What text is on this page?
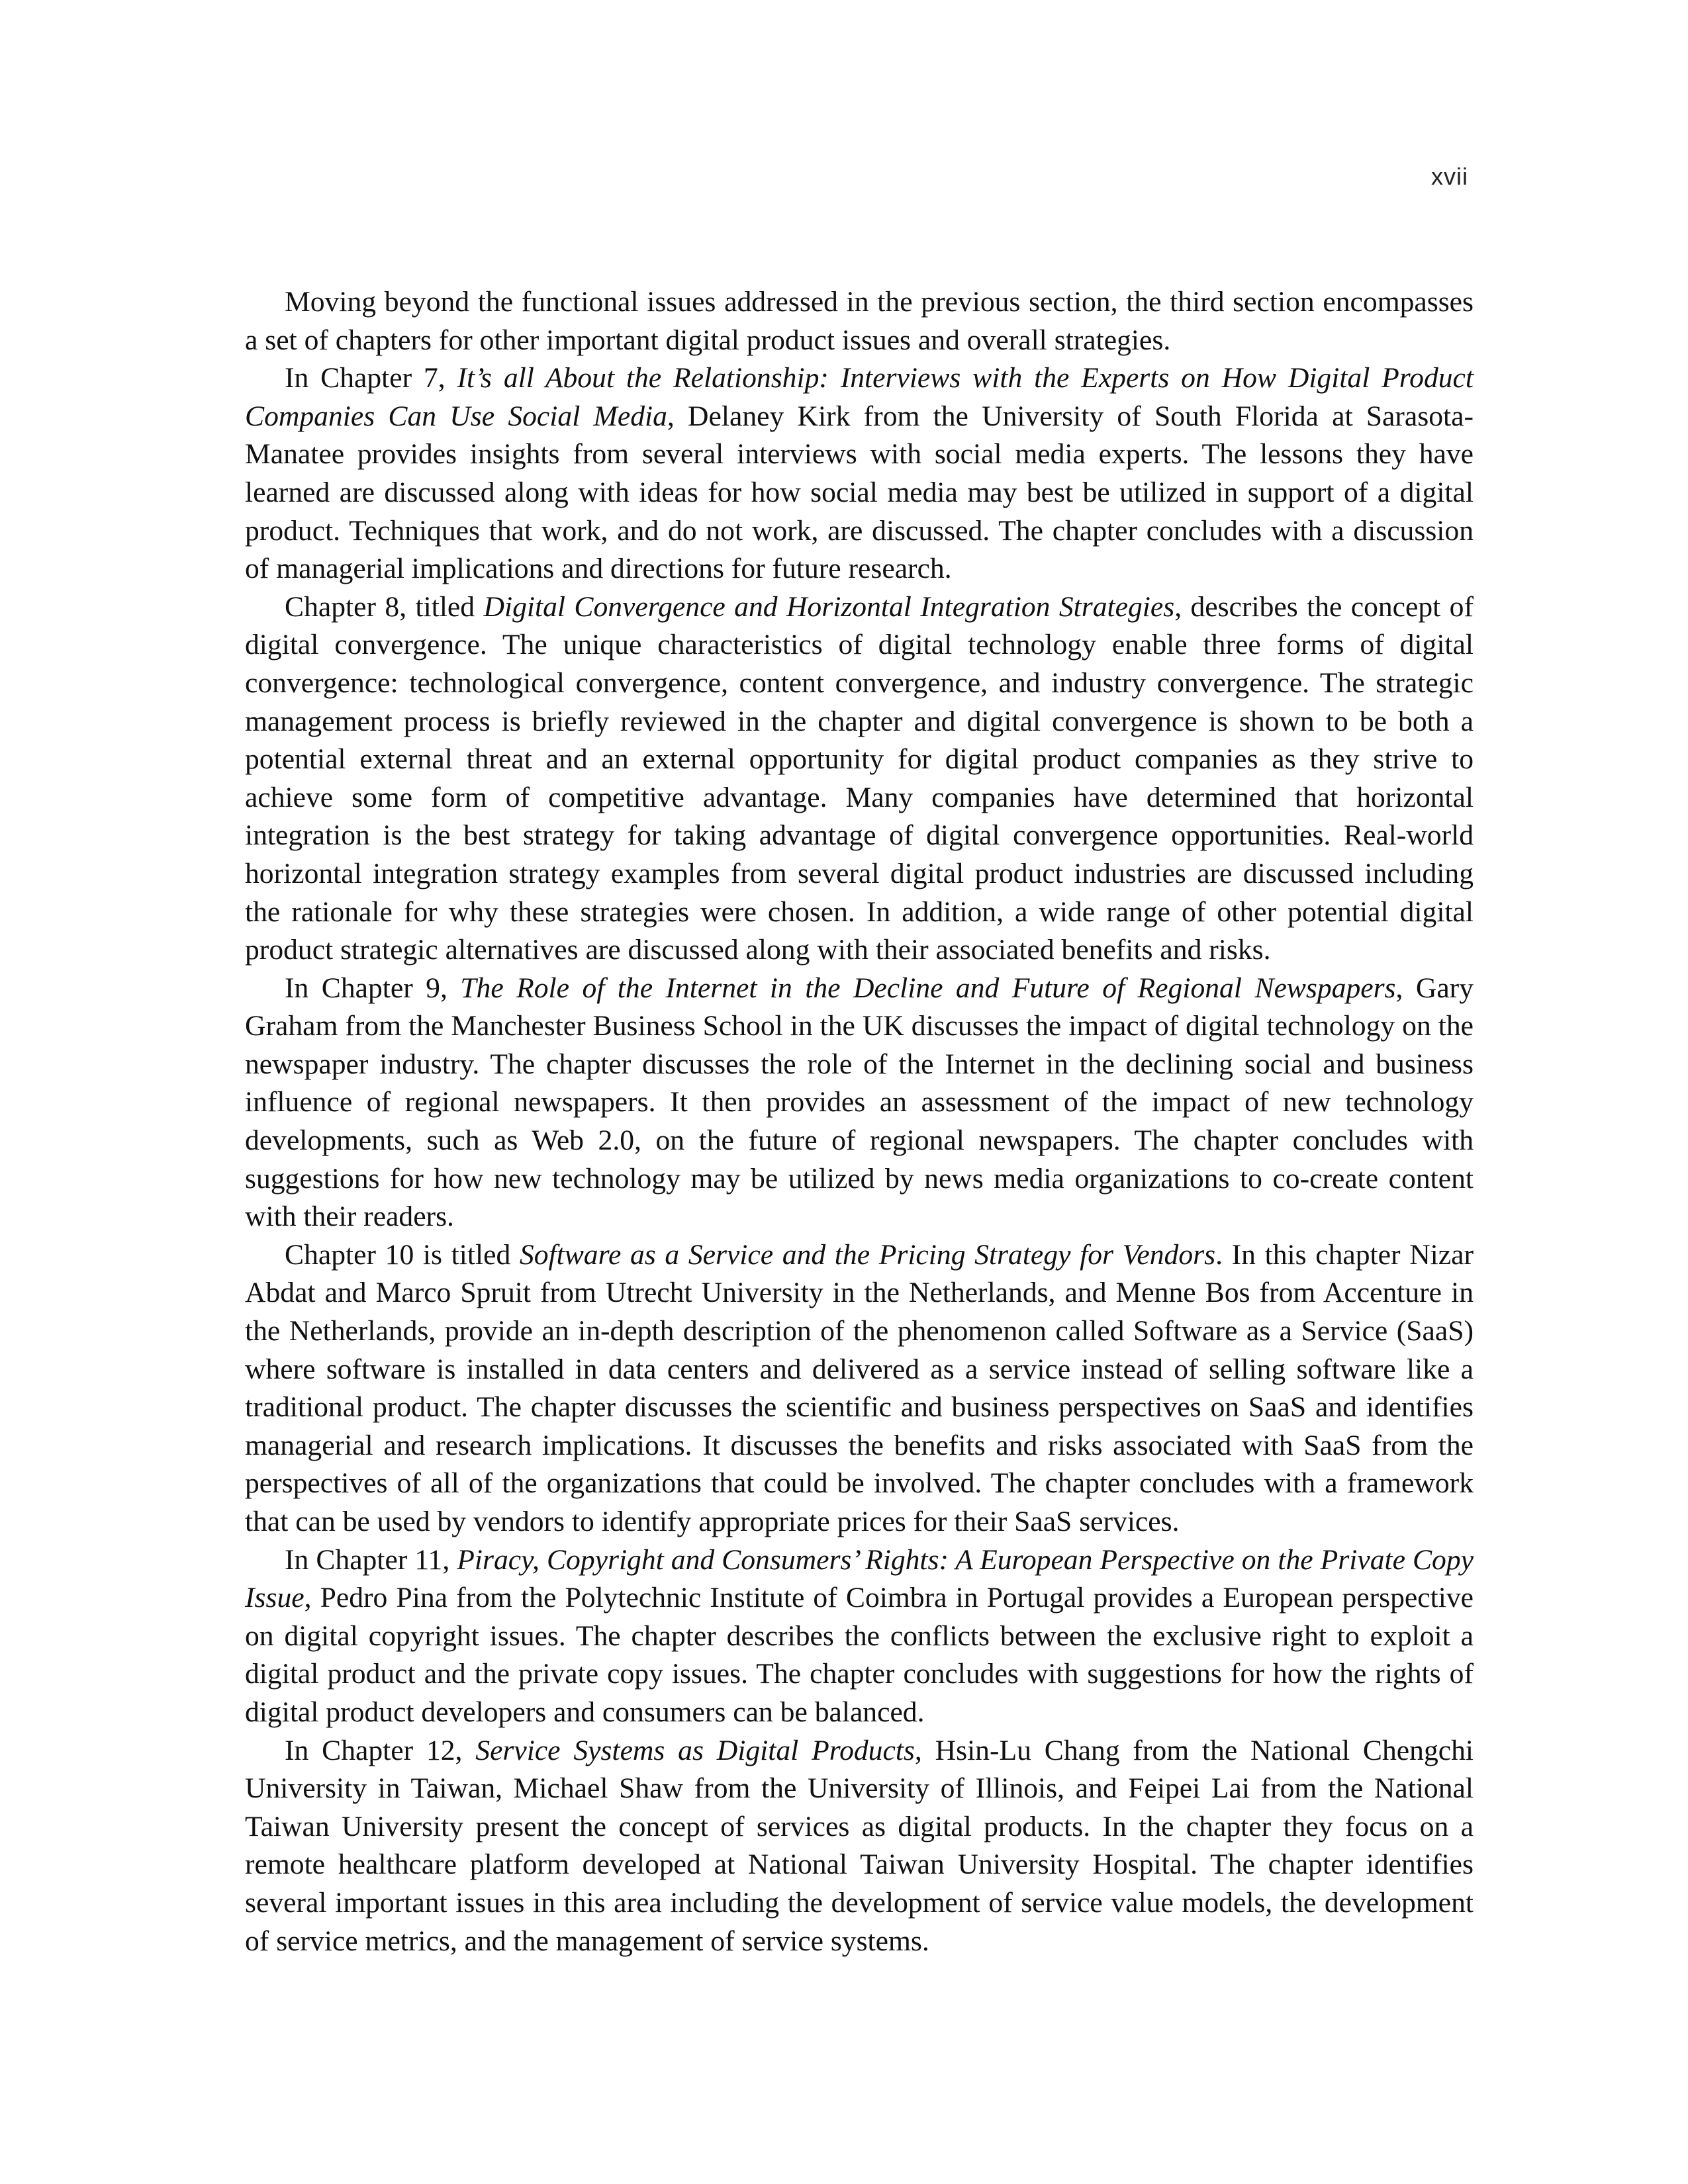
xvii

Moving beyond the functional issues addressed in the previous section, the third section encompasses a set of chapters for other important digital product issues and overall strategies.

In Chapter 7, It’s all About the Relationship: Interviews with the Experts on How Digital Product Companies Can Use Social Media, Delaney Kirk from the University of South Florida at Sarasota-Manatee provides insights from several interviews with social media experts. The lessons they have learned are discussed along with ideas for how social media may best be utilized in support of a digital product. Techniques that work, and do not work, are discussed. The chapter concludes with a discussion of managerial implications and directions for future research.

Chapter 8, titled Digital Convergence and Horizontal Integration Strategies, describes the concept of digital convergence. The unique characteristics of digital technology enable three forms of digital convergence: technological convergence, content convergence, and industry convergence. The strategic management process is briefly reviewed in the chapter and digital convergence is shown to be both a potential external threat and an external opportunity for digital product companies as they strive to achieve some form of competitive advantage. Many companies have determined that horizontal integration is the best strategy for taking advantage of digital convergence opportunities. Real-world horizontal integration strategy examples from several digital product industries are discussed including the rationale for why these strategies were chosen. In addition, a wide range of other potential digital product strategic alternatives are discussed along with their associated benefits and risks.

In Chapter 9, The Role of the Internet in the Decline and Future of Regional Newspapers, Gary Graham from the Manchester Business School in the UK discusses the impact of digital technology on the newspaper industry. The chapter discusses the role of the Internet in the declining social and business influence of regional newspapers. It then provides an assessment of the impact of new technology developments, such as Web 2.0, on the future of regional newspapers. The chapter concludes with suggestions for how new technology may be utilized by news media organizations to co-create content with their readers.

Chapter 10 is titled Software as a Service and the Pricing Strategy for Vendors. In this chapter Nizar Abdat and Marco Spruit from Utrecht University in the Netherlands, and Menne Bos from Accenture in the Netherlands, provide an in-depth description of the phenomenon called Software as a Service (SaaS) where software is installed in data centers and delivered as a service instead of selling software like a traditional product. The chapter discusses the scientific and business perspectives on SaaS and identifies managerial and research implications. It discusses the benefits and risks associated with SaaS from the perspectives of all of the organizations that could be involved. The chapter concludes with a framework that can be used by vendors to identify appropriate prices for their SaaS services.

In Chapter 11, Piracy, Copyright and Consumers’ Rights: A European Perspective on the Private Copy Issue, Pedro Pina from the Polytechnic Institute of Coimbra in Portugal provides a European perspective on digital copyright issues. The chapter describes the conflicts between the exclusive right to exploit a digital product and the private copy issues. The chapter concludes with suggestions for how the rights of digital product developers and consumers can be balanced.

In Chapter 12, Service Systems as Digital Products, Hsin-Lu Chang from the National Chengchi University in Taiwan, Michael Shaw from the University of Illinois, and Feipei Lai from the National Taiwan University present the concept of services as digital products. In the chapter they focus on a remote healthcare platform developed at National Taiwan University Hospital. The chapter identifies several important issues in this area including the development of service value models, the development of service metrics, and the management of service systems.
